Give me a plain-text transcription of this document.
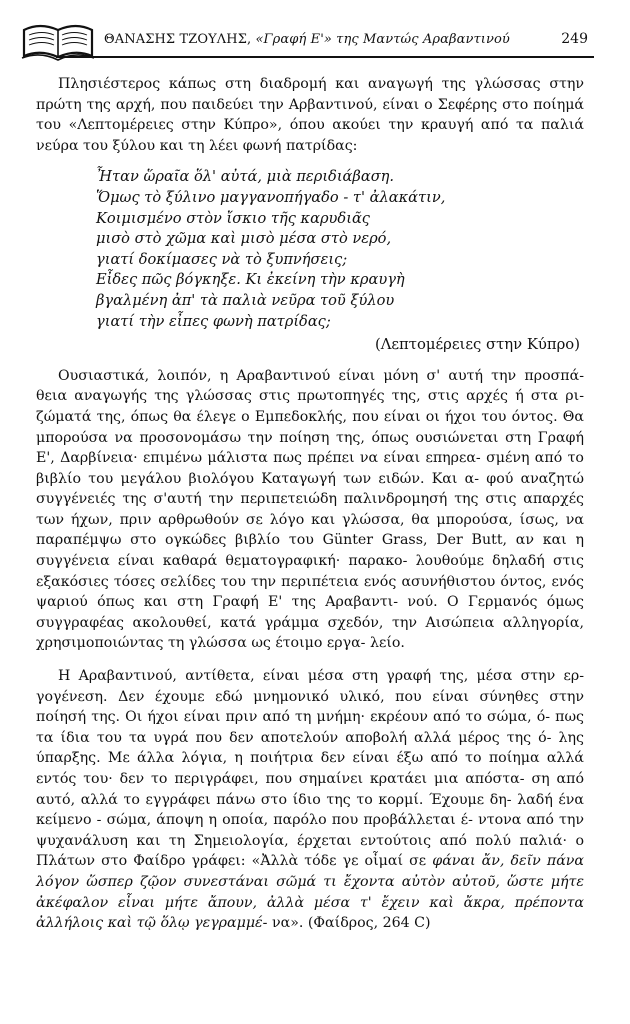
ΘΑΝΑΣΗΣ ΤΖΟΥΛΗΣ, «Γραφή Ε'» της Μαντώς Αραβαντινού	249

Πλησιέστερος κάπως στη διαδρομή και αναγωγή της γλώσσας στην πρώτη της αρχή, που παιδεύει την Αρβαντινού, είναι ο Σεφέρης στο ποίημά του «Λεπτομέρειες στην Κύπρο», όπου ακούει την κραυγή από τα παλιά νεύρα του ξύλου και τη λέει φωνή πατρίδας:

Ἦταν ὥραῖα ὅλ' αὐτά, μιὰ περιδιάβαση.
Ὅμως τὸ ξύλινο μαγγανοπήγαδο - τ' ἀλακάτιν,
Κοιμισμένο στὸν ἴσκιο τῆς καρυδιᾶς
μισὸ στὸ χῶμα καὶ μισὸ μέσα στὸ νερό,
γιατί δοκίμασες νὰ τὸ ξυπνήσεις;
Εἶδες πῶς βόγκηξε. Κι ἐκείνη τὴν κραυγὴ
βγαλμένη ἀπ' τὰ παλιὰ νεῦρα τοῦ ξύλου
γιατί τὴν εἶπες φωνὴ πατρίδας;
(Λεπτομέρειες στην Κύπρο)

Ουσιαστικά, λοιπόν, η Αραβαντινού είναι μόνη σ' αυτή την προσπά- θεια αναγωγής της γλώσσας στις πρωτοπηγές της, στις αρχές ή στα ρι- ζώματά της, όπως θα έλεγε ο Εμπεδοκλής, που είναι οι ήχοι του όντος. Θα μπορούσα να προσονομάσω την ποίηση της, όπως ουσιώνεται στη Γραφή Ε', Δαρβίνεια· επιμένω μάλιστα πως πρέπει να είναι επηρεα- σμένη από το βιβλίο του μεγάλου βιολόγου Καταγωγή των ειδών. Και α- φού αναζητώ συγγένειές της σ'αυτή την περιπετειώδη παλινδρομησή της στις απαρχές των ήχων, πριν αρθρωθούν σε λόγο και γλώσσα, θα μπορούσα, ίσως, να παραπέμψω στο ογκώδες βιβλίο του Günter Grass, Der Butt, αν και η συγγένεια είναι καθαρά θεματογραφική· παρακο- λουθούμε δηλαδή στις εξακόσιες τόσες σελίδες του την περιπέτεια ενός ασυνήθιστου όντος, ενός ψαριού όπως και στη Γραφή Ε' της Αραβαντι- νού. Ο Γερμανός όμως συγγραφέας ακολουθεί, κατά γράμμα σχεδόν, την Αισώπεια αλληγορία, χρησιμοποιώντας τη γλώσσα ως έτοιμο εργα- λείο.

Η Αραβαντινού, αντίθετα, είναι μέσα στη γραφή της, μέσα στην ερ- γογένεση. Δεν έχουμε εδώ μνημονικό υλικό, που είναι σύνηθες στην ποίησή της. Οι ήχοι είναι πριν από τη μνήμη· εκρέουν από το σώμα, ό- πως τα ίδια του τα υγρά που δεν αποτελούν αποβολή αλλά μέρος της ό- λης ύπαρξης. Με άλλα λόγια, η ποιήτρια δεν είναι έξω από το ποίημα αλλά εντός του· δεν το περιγράφει, που σημαίνει κρατάει μια απόστα- ση από αυτό, αλλά το εγγράφει πάνω στο ίδιο της το κορμί. Έχουμε δη- λαδή ένα κείμενο - σώμα, άποψη η οποία, παρόλο που προβάλλεται έ- ντονα από την ψυχανάλυση και τη Σημειολογία, έρχεται εντούτοις από πολύ παλιά· ο Πλάτων στο Φαίδρο γράφει: «Ἀλλὰ τόδε γε οἶμαί σε φάναι ἄν, δεῖν πάνα λόγον ὥσπερ ζῷον συνεστάναι σῶμά τι ἔχοντα αὐτὸν αὐτοῦ, ὥστε μήτε ἀκέφαλον εἶναι μήτε ἄπουν, ἀλλὰ μέσα τ' ἔχειν καὶ ἄκρα, πρέποντα ἀλλήλοις καὶ τῷ ὅλῳ γεγραμμέ- να». (Φαίδρος, 264 C)
